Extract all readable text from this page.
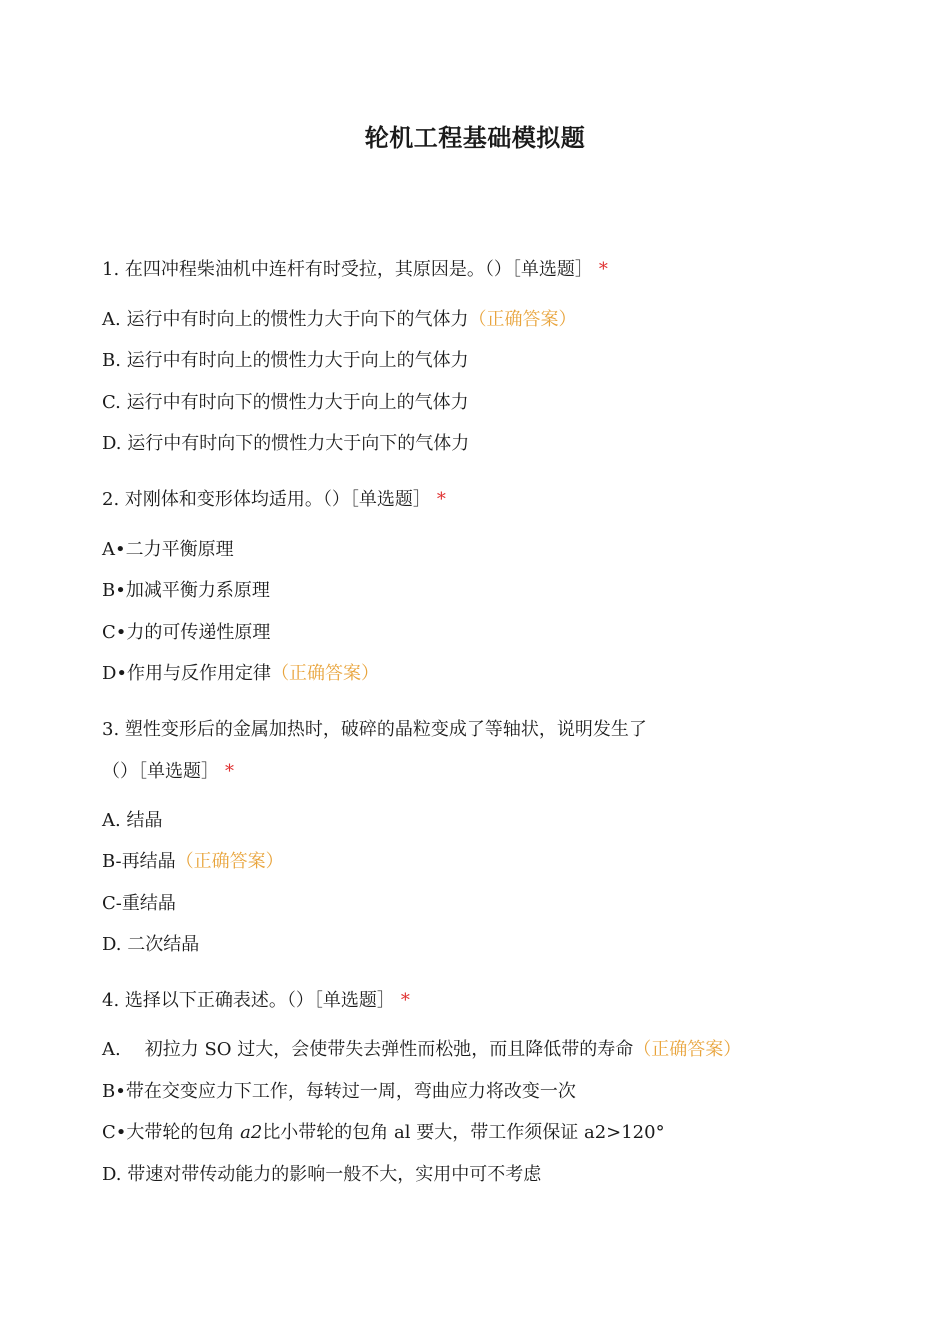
轮机工程基础模拟题
1. 在四冲程柴油机中连杆有时受拉，其原因是。（）［单选题］ *
A. 运行中有时向上的惯性力大于向下的气体力（正确答案）
B. 运行中有时向上的惯性力大于向上的气体力
C. 运行中有时向下的惯性力大于向上的气体力
D. 运行中有时向下的惯性力大于向下的气体力
2. 对刚体和变形体均适用。（）［单选题］ *
A•二力平衡原理
B•加减平衡力系原理
C•力的可传递性原理
D•作用与反作用定律（正确答案）
3. 塑性变形后的金属加热时，破碎的晶粒变成了等轴状，说明发生了
（）［单选题］ *
A. 结晶
B-再结晶（正确答案）
C-重结晶
D. 二次结晶
4. 选择以下正确表述。（）［单选题］ *
A. 初拉力 SO 过大，会使带失去弹性而松弛，而且降低带的寿命（正确答案）
B•带在交变应力下工作，每转过一周，弯曲应力将改变一次
C•大带轮的包角 a2比小带轮的包角 al 要大，带工作须保证 a2>120°
D. 带速对带传动能力的影响一般不大，实用中可不考虑
